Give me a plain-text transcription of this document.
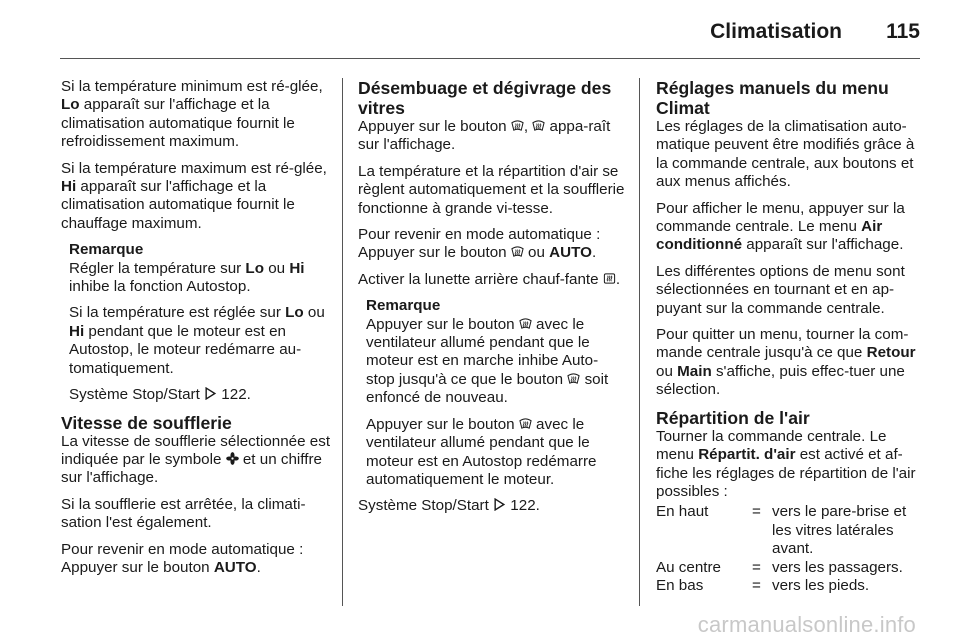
Climatisation 115

Si la température minimum est ré-glée, Lo apparaît sur l'affichage et la climatisation automatique fournit le refroidissement maximum.

Si la température maximum est ré-glée, Hi apparaît sur l'affichage et la climatisation automatique fournit le chauffage maximum.

Remarque

Régler la température sur Lo ou Hi inhibe la fonction Autostop.

Si la température est réglée sur Lo ou Hi pendant que le moteur est en Autostop, le moteur redémarre au-tomatiquement.

Système Stop/Start  122.

Vitesse de soufflerie

La vitesse de soufflerie sélectionnée est indiquée par le symbole  et un chiffre sur l'affichage.

Si la soufflerie est arrêtée, la climati-sation l'est également.

Pour revenir en mode automatique : Appuyer sur le bouton AUTO.

Désembuage et dégivrage des vitres

Appuyer sur le bouton ,  appa-raît sur l'affichage.

La température et la répartition d'air se règlent automatiquement et la soufflerie fonctionne à grande vi-tesse.

Pour revenir en mode automatique : Appuyer sur le bouton  ou AUTO.

Activer la lunette arrière chauf-fante .

Remarque

Appuyer sur le bouton  avec le ventilateur allumé pendant que le moteur est en marche inhibe Auto-stop jusqu'à ce que le bouton  soit enfoncé de nouveau.

Appuyer sur le bouton  avec le ventilateur allumé pendant que le moteur est en Autostop redémarre automatiquement le moteur.

Système Stop/Start  122.

Réglages manuels du menu Climat

Les réglages de la climatisation auto-matique peuvent être modifiés grâce à la commande centrale, aux boutons et aux menus affichés.

Pour afficher le menu, appuyer sur la commande centrale. Le menu Air conditionné apparaît sur l'affichage.

Les différentes options de menu sont sélectionnées en tournant et en ap-puyant sur la commande centrale.

Pour quitter un menu, tourner la com-mande centrale jusqu'à ce que Retour ou Main s'affiche, puis effec-tuer une sélection.

Répartition de l'air

Tourner la commande centrale. Le menu Répartit. d'air est activé et af-fiche les réglages de répartition de l'air possibles :

En haut	=	vers le pare-brise et les vitres latérales avant.
Au centre	=	vers les passagers.
En bas	=	vers les pieds.
carmanualsonline.info
